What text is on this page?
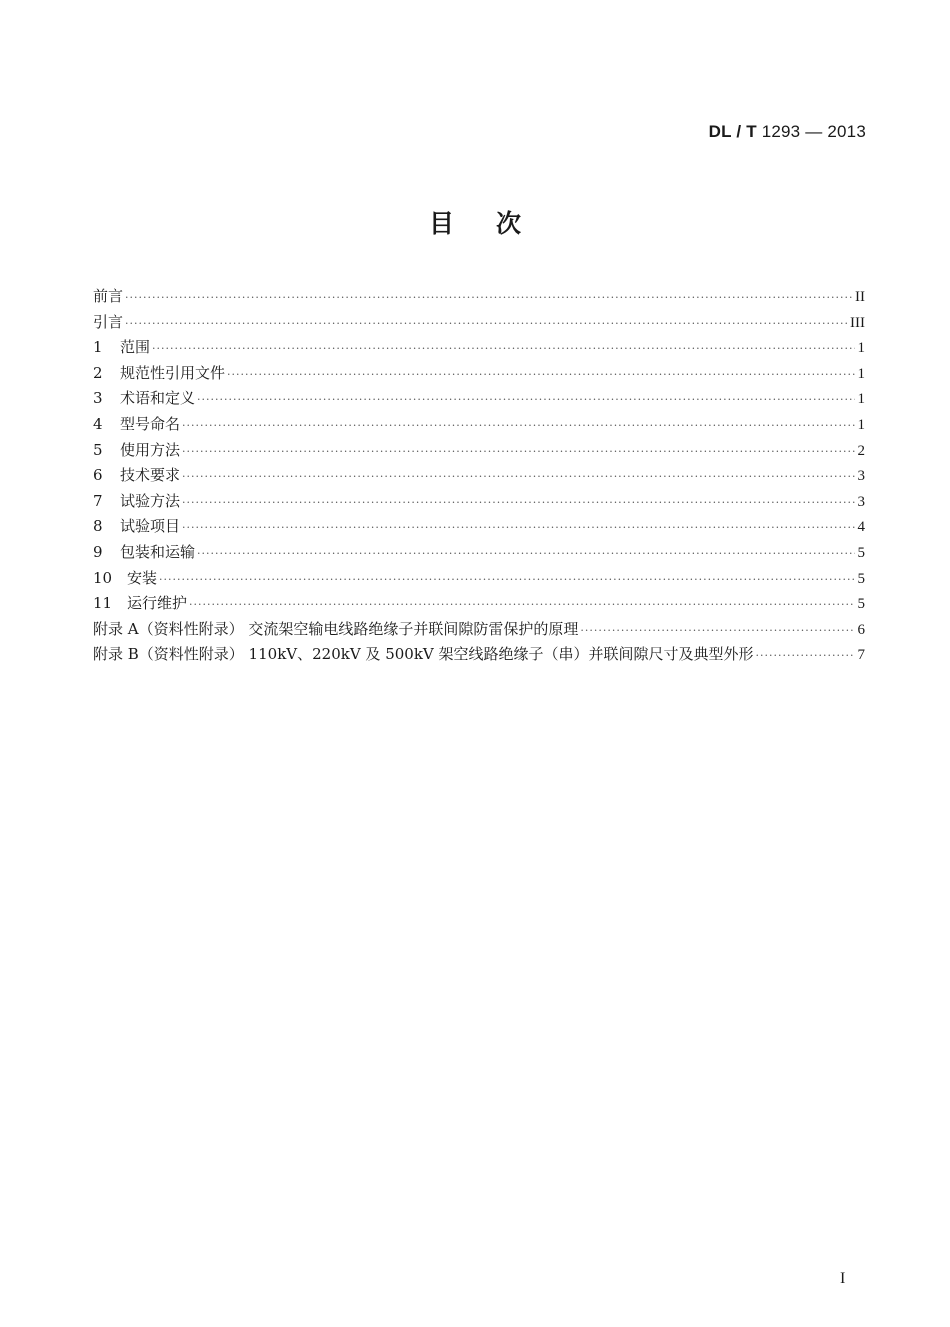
DL / T 1293 — 2013
目次
前言 ·····	II
引言 ·····	III
1	范围 ·····	1
2	规范性引用文件 ·····	1
3	术语和定义 ·····	1
4	型号命名 ·····	1
5	使用方法 ·····	2
6	技术要求 ·····	3
7	试验方法 ·····	3
8	试验项目 ·····	4
9	包装和运输 ·····	5
10 安装 ·····	5
11 运行维护 ·····	5
附录 A（资料性附录） 交流架空输电线路绝缘子并联间隙防雷保护的原理 ·····	6
附录 B（资料性附录） 110kV、220kV 及 500kV 架空线路绝缘子（串）并联间隙尺寸及典型外形 ·····	7
I
